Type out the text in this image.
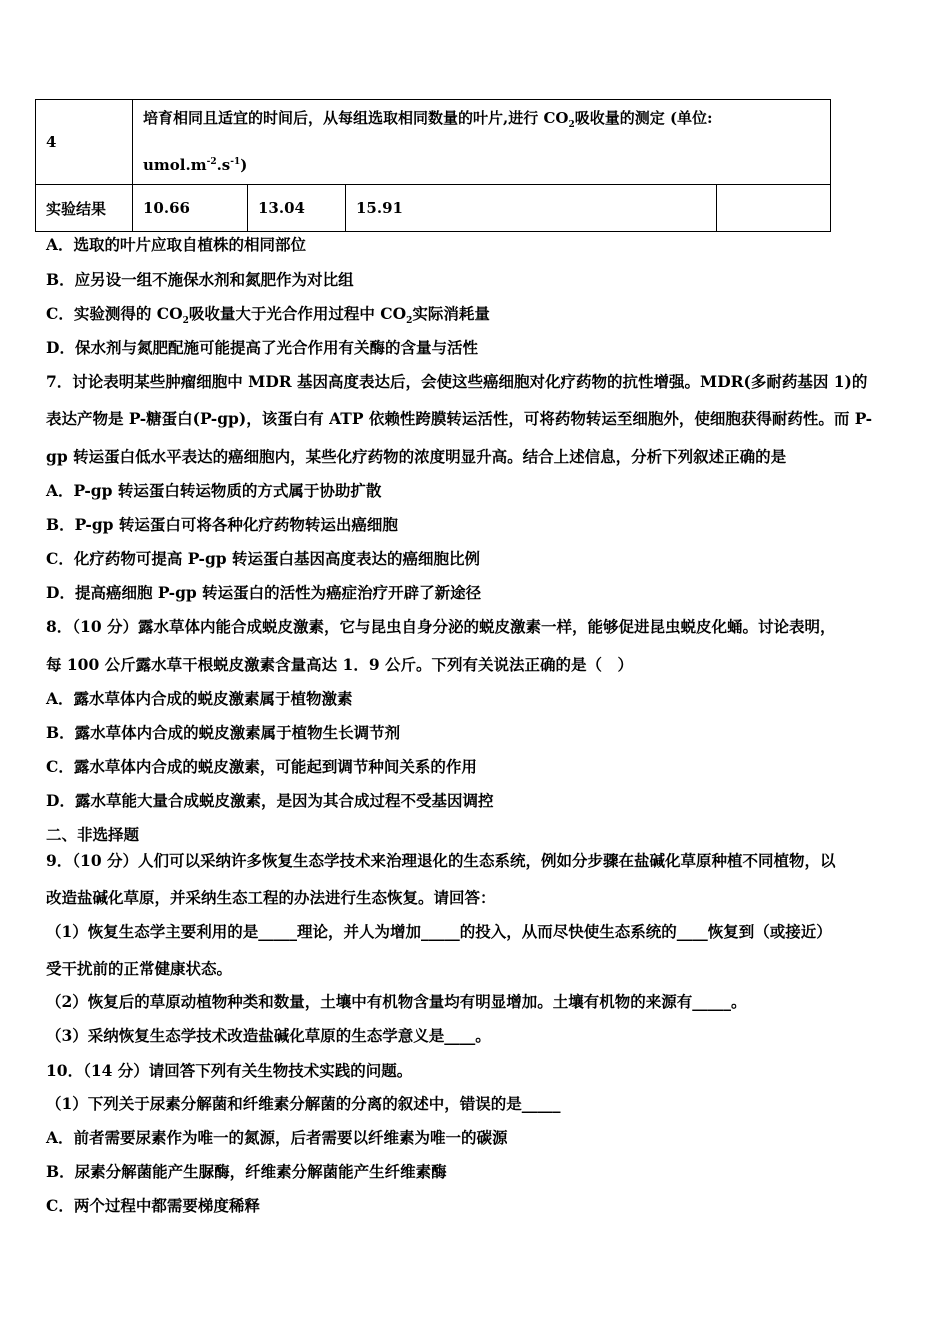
4	培育相同且适宜的时间后，从每组选取相同数量的叶片,进行 $CO_2$吸收量的测定 (单位:
$umol.m^{-2}.s^{-1}$)			

实验结果	10.66	13.04	15.91	
A．选取的叶片应取自植株的相同部位
B．应另设一组不施保水剂和氮肥作为对比组
C．实验测得的 $CO_2$吸收量大于光合作用过程中 $CO_2$实际消耗量
D．保水剂与氮肥配施可能提高了光合作用有关酶的含量与活性
7．讨论表明某些肿瘤细胞中 MDR 基因高度表达后，会使这些癌细胞对化疗药物的抗性增强。MDR(多耐药基因 1)的
表达产物是 P-糖蛋白(P-gp)，该蛋白有 ATP 依赖性跨膜转运活性，可将药物转运至细胞外，使细胞获得耐药性。而 P-
gp 转运蛋白低水平表达的癌细胞内，某些化疗药物的浓度明显升高。结合上述信息，分析下列叙述正确的是
A．P-gp 转运蛋白转运物质的方式属于协助扩散
B．P-gp 转运蛋白可将各种化疗药物转运出癌细胞
C．化疗药物可提高 P-gp 转运蛋白基因高度表达的癌细胞比例
D．提高癌细胞 P-gp 转运蛋白的活性为癌症治疗开辟了新途径
8．（10 分）露水草体内能合成蜕皮激素，它与昆虫自身分泌的蜕皮激素一样，能够促进昆虫蜕皮化蛹。讨论表明，
每 100 公斤露水草干根蜕皮激素含量高达 1．9 公斤。下列有关说法正确的是（　）
A．露水草体内合成的蜕皮激素属于植物激素
B．露水草体内合成的蜕皮激素属于植物生长调节剂
C．露水草体内合成的蜕皮激素，可能起到调节种间关系的作用
D．露水草能大量合成蜕皮激素，是因为其合成过程不受基因调控
二、非选择题
9．（10 分）人们可以采纳许多恢复生态学技术来治理退化的生态系统，例如分步骤在盐碱化草原种植不同植物，以
改造盐碱化草原，并采纳生态工程的办法进行生态恢复。请回答：
（1）恢复生态学主要利用的是_____理论，并人为增加_____的投入，从而尽快使生态系统的____恢复到（或接近）
受干扰前的正常健康状态。
（2）恢复后的草原动植物种类和数量，土壤中有机物含量均有明显增加。土壤有机物的来源有_____。
（3）采纳恢复生态学技术改造盐碱化草原的生态学意义是____。
10．（14 分）请回答下列有关生物技术实践的问题。
（1）下列关于尿素分解菌和纤维素分解菌的分离的叙述中，错误的是_____
A．前者需要尿素作为唯一的氮源，后者需要以纤维素为唯一的碳源
B．尿素分解菌能产生脲酶，纤维素分解菌能产生纤维素酶
C．两个过程中都需要梯度稀释
